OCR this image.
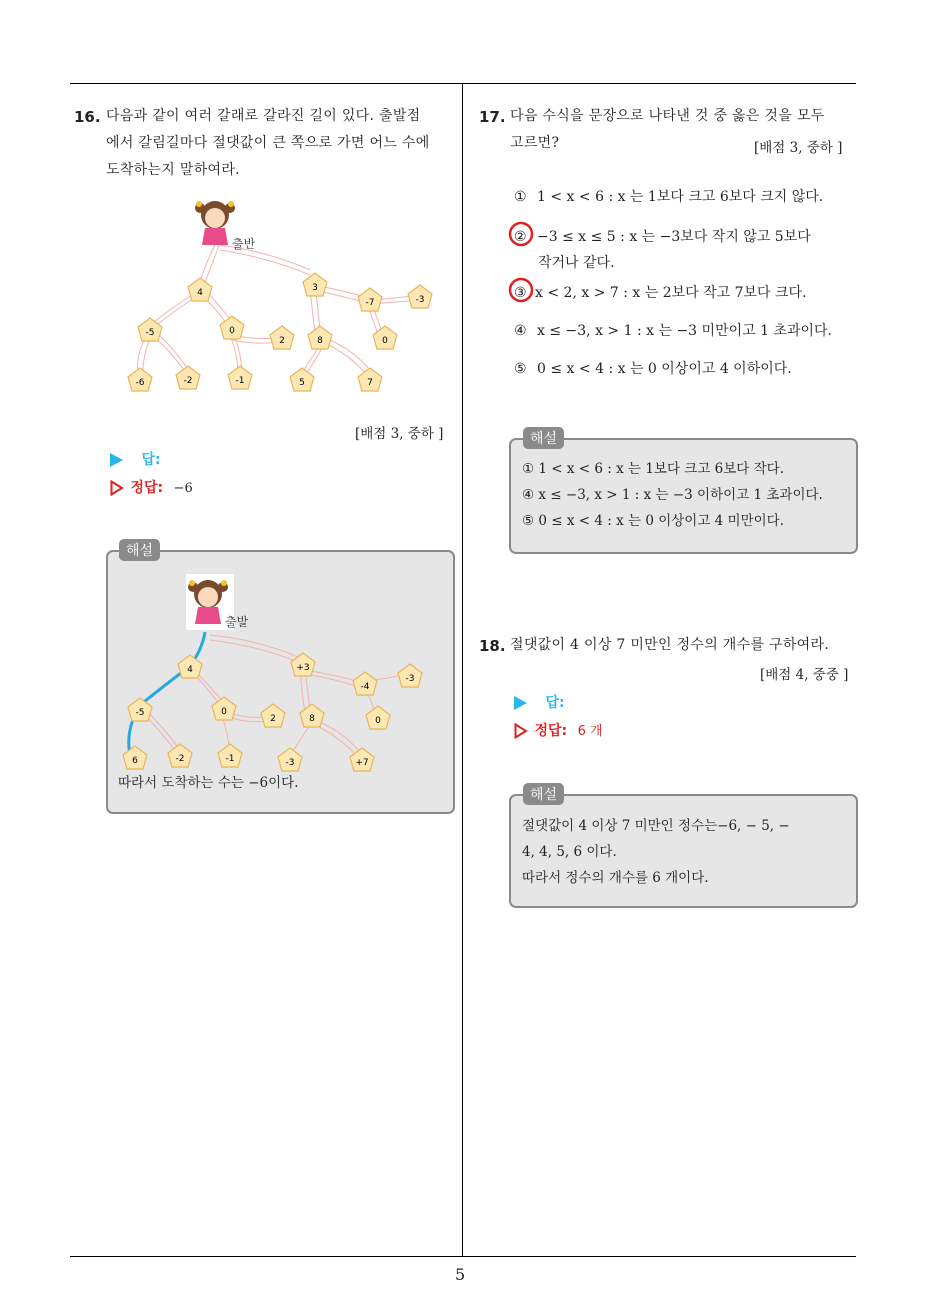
5
16. 다음과 같이 여러 갈래로 갈라진 길이 있다. 출발점
에서 갈림길마다 절댓값이 큰 쪽으로 가면 어느 수에
도착하는지 말하여라.
출반
4	3
-7	-3
-5	0
2	8	0
-6	-2	-1	5	7
[배점 3, 중하 ]
답:
정답: −6
해설
출발
4	+3
-4
-3
-5	0
2	8	0
6	-2	-1	-3	+7
따라서 도착하는 수는 −6이다.
17. 다음 수식을 문장으로 나타낸 것 중 옳은 것을 모두
고르면?	[배점 3, 중하 ]
① 1 < x < 6 : x 는 1보다 크고 6보다 크지 않다.
② −3 ≤ x ≤ 5 : x 는 −3보다 작지 않고 5보다
작거나 같다.
③ x < 2, x > 7 : x 는 2보다 작고 7보다 크다.
④ x ≤ −3, x > 1 : x 는 −3 미만이고 1 초과이다.
⑤ 0 ≤ x < 4 : x 는 0 이상이고 4 이하이다.
해설
① 1 < x < 6 : x 는 1보다 크고 6보다 작다.
④ x ≤ −3, x > 1 : x 는 −3 이하이고 1 초과이다.
⑤ 0 ≤ x < 4 : x 는 0 이상이고 4 미만이다.
18. 절댓값이 4 이상 7 미만인 정수의 개수를 구하여라.
[배점 4, 중중 ]
답:
정답: 6 개
해설
절댓값이 4 이상 7 미만인 정수는−6, − 5, −
4, 4, 5, 6 이다.
따라서 정수의 개수를 6 개이다.
